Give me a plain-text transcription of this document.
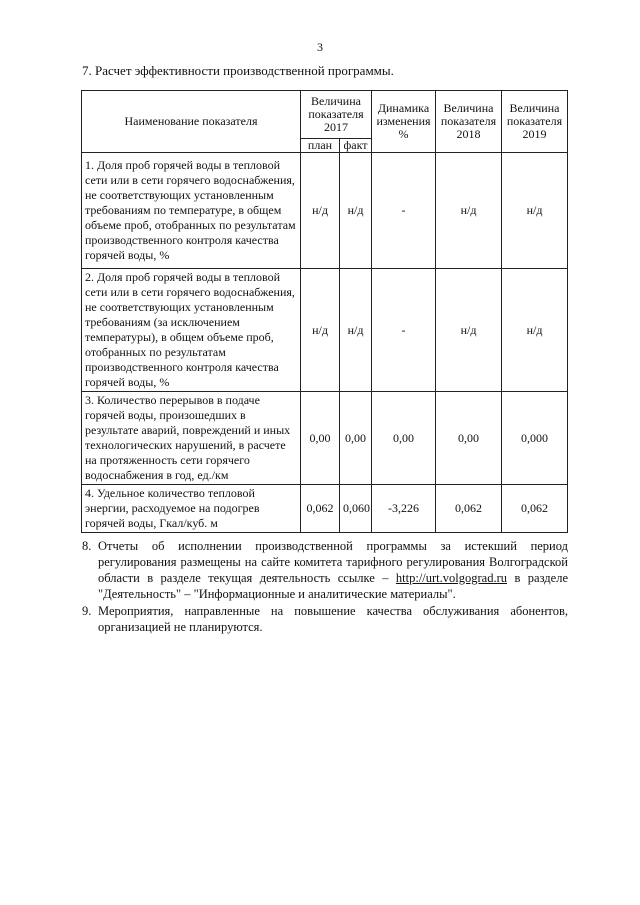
3
7. Расчет эффективности производственной программы.
Наименование показателя	Величина показателя 2017		Динамика изменения %	Величина показателя 2018	Величина показателя 2019
	план	факт			
1. Доля проб горячей воды в тепловой сети или в сети горячего водоснабжения, не соответствующих установленным требованиям по температуре, в общем объеме проб, отобранных по результатам производственного контроля качества горячей воды, %	н/д	н/д	-	н/д	н/д
2. Доля проб горячей воды в тепловой сети или в сети горячего водоснабжения, не соответствующих установленным требованиям (за исключением температуры), в общем объеме проб, отобранных по результатам производственного контроля качества горячей воды, %	н/д	н/д	-	н/д	н/д
3. Количество перерывов в подаче горячей воды, произошедших в результате аварий, повреждений и иных технологических нарушений, в расчете на протяженность сети горячего водоснабжения в год, ед./км	0,00	0,00	0,00	0,00	0,000
4. Удельное количество тепловой энергии, расходуемое на подогрев горячей воды, Гкал/куб. м	0,062	0,060	-3,226	0,062	0,062
8. Отчеты об исполнении производственной программы за истекший период регулирования размещены на сайте комитета тарифного регулирования Волгоградской области в разделе текущая деятельность ссылке – http://urt.volgograd.ru в разделе "Деятельность" – "Информационные и аналитические материалы".
9. Мероприятия, направленные на повышение качества обслуживания абонентов, организацией не планируются.
